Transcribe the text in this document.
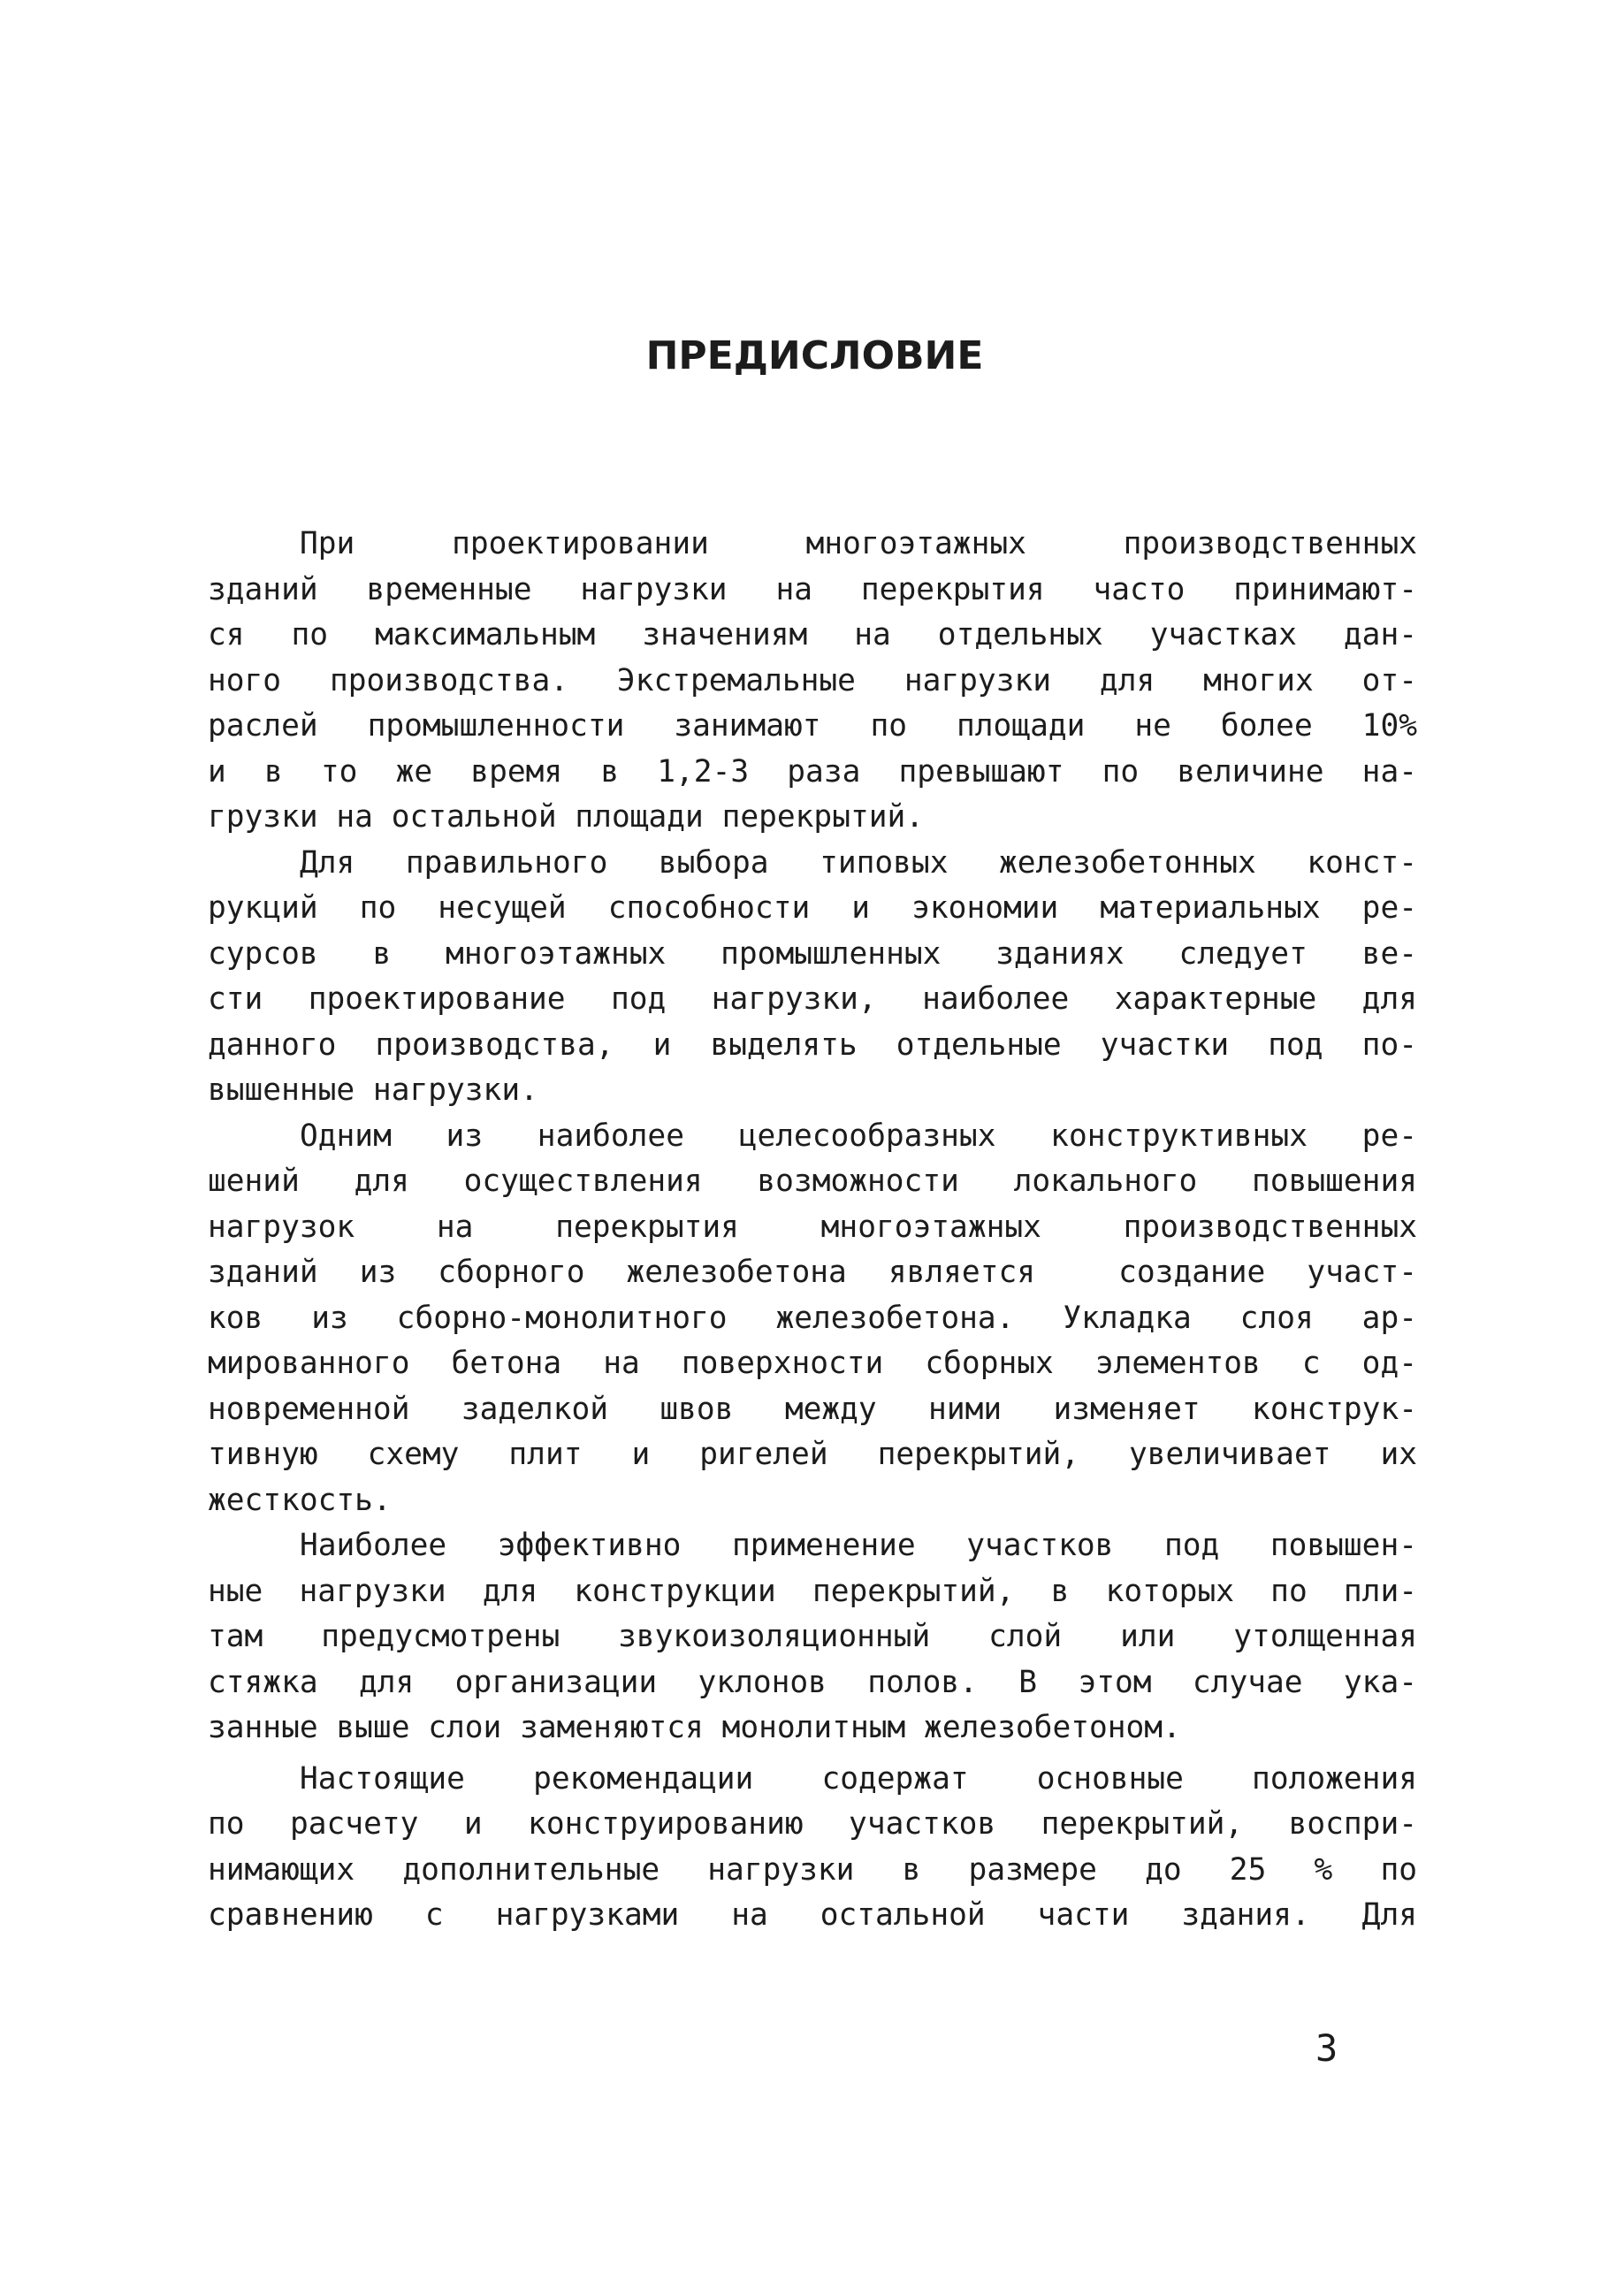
ПРЕДИСЛОВИЕ
При проектировании многоэтажных производственных
зданий временные нагрузки на перекрытия часто принимают-
ся по максимальным значениям на отдельных участках дан-
ного производства. Экстремальные нагрузки для многих от-
раслей промышленности занимают по площади не более 10%
и в то же время в 1,2-3 раза превышают по величине на-
грузки на остальной площади перекрытий.
Для правильного выбора типовых железобетонных конст-
рукций по несущей способности и экономии материальных ре-
сурсов в многоэтажных промышленных зданиях следует ве-
сти проектирование под нагрузки, наиболее характерные для
данного производства, и выделять отдельные участки под по-
вышенные нагрузки.
Одним из наиболее целесообразных конструктивных ре-
шений для осуществления возможности локального повышения
нагрузок на перекрытия многоэтажных производственных
зданий из сборного железобетона является  создание участ-
ков из сборно-монолитного железобетона. Укладка слоя ар-
мированного бетона на поверхности сборных элементов с од-
новременной заделкой швов между ними изменяет конструк-
тивную схему плит и ригелей перекрытий, увеличивает их
жесткость.
Наиболее эффективно применение участков под повышен-
ные нагрузки для конструкции перекрытий, в которых по пли-
там предусмотрены звукоизоляционный слой или утолщенная
стяжка для организации уклонов полов. В этом случае ука-
занные выше слои заменяются монолитным железобетоном.
Настоящие рекомендации содержат основные положения
по расчету и конструированию участков перекрытий, воспри-
нимающих дополнительные нагрузки в размере до 25 % по
сравнению с нагрузками на остальной части здания. Для
3
